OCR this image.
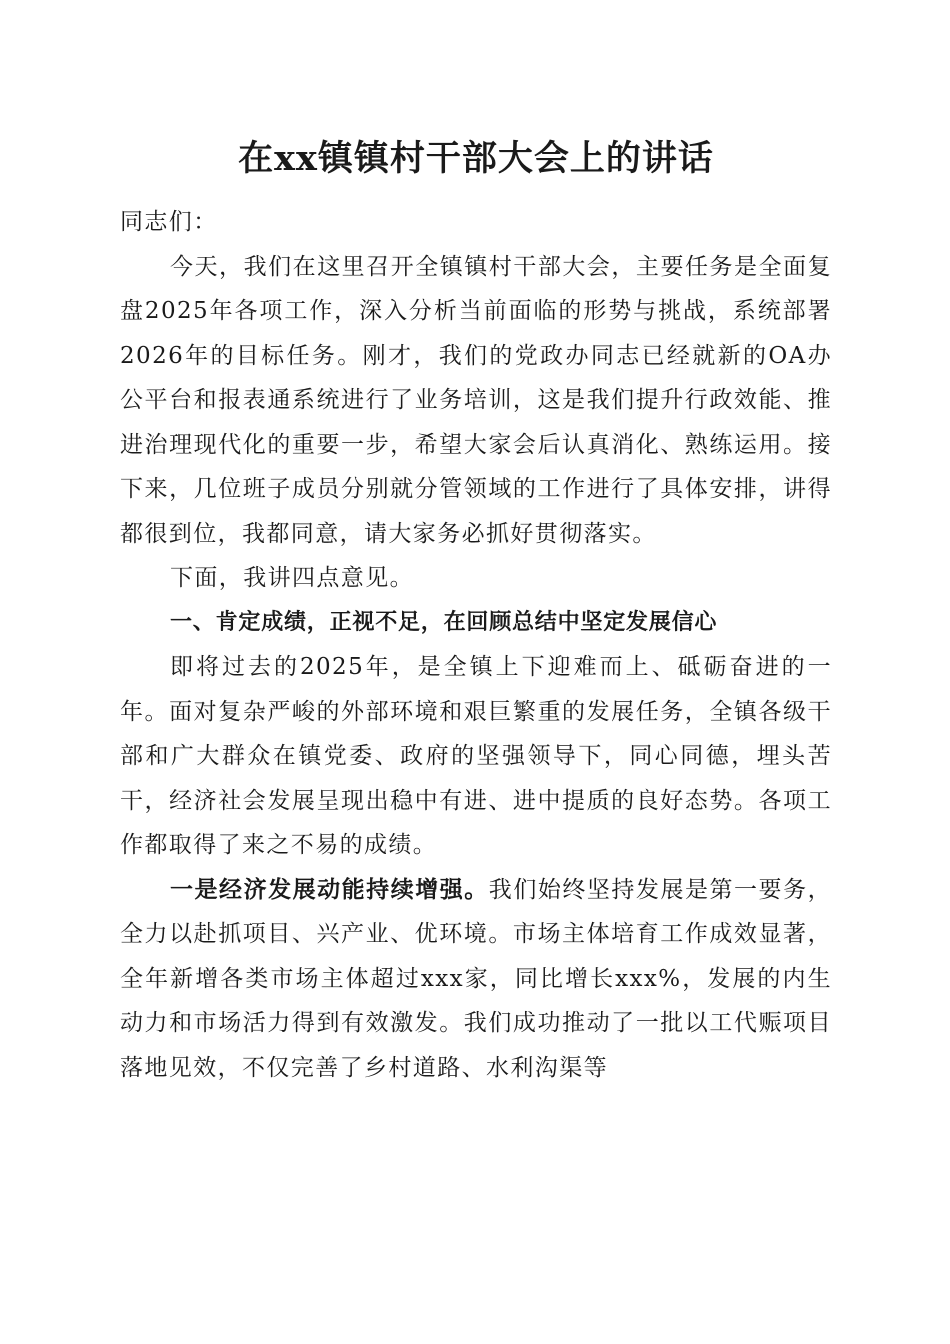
在xx镇镇村干部大会上的讲话

同志们：

今天，我们在这里召开全镇镇村干部大会，主要任务是全面复盘2025年各项工作，深入分析当前面临的形势与挑战，系统部署2026年的目标任务。刚才，我们的党政办同志已经就新的OA办公平台和报表通系统进行了业务培训，这是我们提升行政效能、推进治理现代化的重要一步，希望大家会后认真消化、熟练运用。接下来，几位班子成员分别就分管领域的工作进行了具体安排，讲得都很到位，我都同意，请大家务必抓好贯彻落实。

下面，我讲四点意见。

一、肯定成绩，正视不足，在回顾总结中坚定发展信心

即将过去的2025年，是全镇上下迎难而上、砥砺奋进的一年。面对复杂严峻的外部环境和艰巨繁重的发展任务，全镇各级干部和广大群众在镇党委、政府的坚强领导下，同心同德，埋头苦干，经济社会发展呈现出稳中有进、进中提质的良好态势。各项工作都取得了来之不易的成绩。

一是经济发展动能持续增强。我们始终坚持发展是第一要务，全力以赴抓项目、兴产业、优环境。市场主体培育工作成效显著，全年新增各类市场主体超过xxx家，同比增长xxx%，发展的内生动力和市场活力得到有效激发。我们成功推动了一批以工代赈项目落地见效，不仅完善了乡村道路、水利沟渠等
